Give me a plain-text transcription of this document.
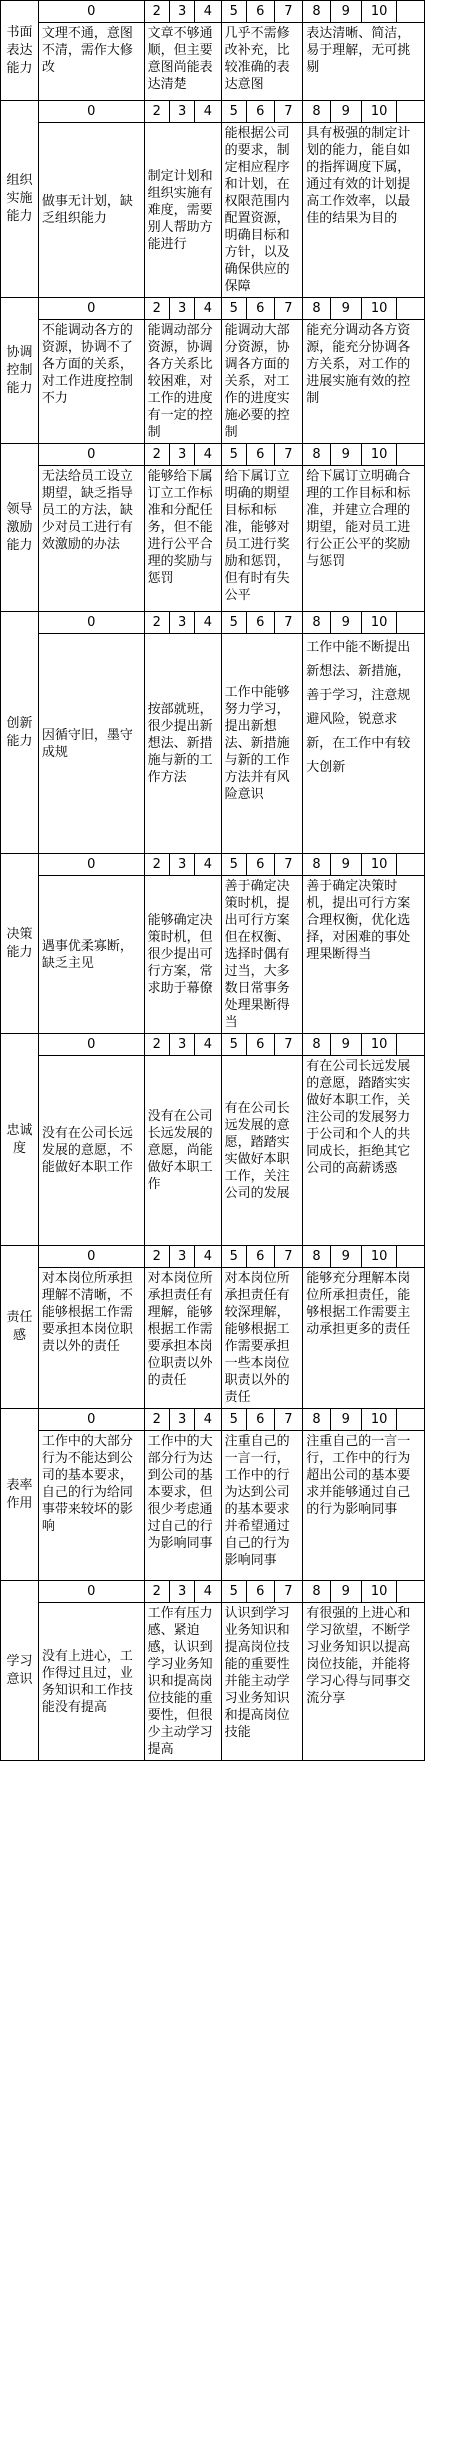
书面表达能力	0	2	3	4	5	6	7	8	9	10	
	文理不通，意图不清，需作大修改	文章不够通顺，但主要意图尚能表达清楚			几乎不需修改补充，比较准确的表达意图			表达清晰、简洁，易于理解，无可挑剔			
组织实施能力	0	2	3	4	5	6	7	8	9	10	
	做事无计划，缺乏组织能力	制定计划和组织实施有难度，需要别人帮助方能进行			能根据公司的要求，制定相应程序和计划，在权限范围内配置资源，明确目标和方针，以及确保供应的保障			具有极强的制定计划的能力，能自如的指挥调度下属，通过有效的计划提高工作效率，以最佳的结果为目的			
协调控制能力	0	2	3	4	5	6	7	8	9	10	
	不能调动各方的资源，协调不了各方面的关系，对工作进度控制不力	能调动部分资源，协调各方关系比较困难，对工作的进度有一定的控制			能调动大部分资源，协调各方面的关系，对工作的进度实施必要的控制			能充分调动各方资源，能充分协调各方关系，对工作的进展实施有效的控制			
领导激励能力	0	2	3	4	5	6	7	8	9	10	
	无法给员工设立期望，缺乏指导员工的方法，缺少对员工进行有效激励的办法	能够给下属订立工作标准和分配任务，但不能进行公平合理的奖励与惩罚			给下属订立明确的期望目标和标准，能够对员工进行奖励和惩罚，但有时有失公平			给下属订立明确合理的工作目标和标准，并建立合理的期望，能对员工进行公正公平的奖励与惩罚			
创新能力	0	2	3	4	5	6	7	8	9	10	
	因循守旧，墨守成规	按部就班，很少提出新想法、新措施与新的工作方法			工作中能够努力学习，提出新想法、新措施与新的工作方法并有风险意识			工作中能不断提出新想法、新措施，善于学习，注意规避风险，锐意求新，在工作中有较大创新			
决策能力	0	2	3	4	5	6	7	8	9	10	
	遇事优柔寡断，缺乏主见	能够确定决策时机，但很少提出可行方案，常求助于幕僚			善于确定决策时机，提出可行方案但在权衡、选择时偶有过当，大多数日常事务处理果断得当			善于确定决策时机，提出可行方案合理权衡，优化选择，对困难的事处理果断得当			
忠诚度	0	2	3	4	5	6	7	8	9	10	
	没有在公司长远发展的意愿，不能做好本职工作	没有在公司长远发展的意愿，尚能做好本职工作			有在公司长远发展的意愿，踏踏实实做好本职工作，关注公司的发展			有在公司长远发展的意愿，踏踏实实做好本职工作，关注公司的发展努力于公司和个人的共同成长，拒绝其它公司的高薪诱惑			
责任感	0	2	3	4	5	6	7	8	9	10	
	对本岗位所承担理解不清晰，不能够根据工作需要承担本岗位职责以外的责任	对本岗位所承担责任有理解，能够根据工作需要承担本岗位职责以外的责任			对本岗位所承担责任有较深理解，能够根据工作需要承担一些本岗位职责以外的责任			能够充分理解本岗位所承担责任，能够根据工作需要主动承担更多的责任			
表率作用	0	2	3	4	5	6	7	8	9	10	
	工作中的大部分行为不能达到公司的基本要求，自己的行为给同事带来较坏的影响	工作中的大部分行为达到公司的基本要求，但很少考虑通过自己的行为影响同事			注重自己的一言一行，工作中的行为达到公司的基本要求并希望通过自己的行为影响同事			注重自己的一言一行，工作中的行为超出公司的基本要求并能够通过自己的行为影响同事			
学习意识	0	2	3	4	5	6	7	8	9	10	
	没有上进心，工作得过且过，业务知识和工作技能没有提高	工作有压力感、紧迫感，认识到学习业务知识和提高岗位技能的重要性，但很少主动学习提高			认识到学习业务知识和提高岗位技能的重要性并能主动学习业务知识和提高岗位技能			有很强的上进心和学习欲望，不断学习业务知识以提高岗位技能，并能将学习心得与同事交流分享			
